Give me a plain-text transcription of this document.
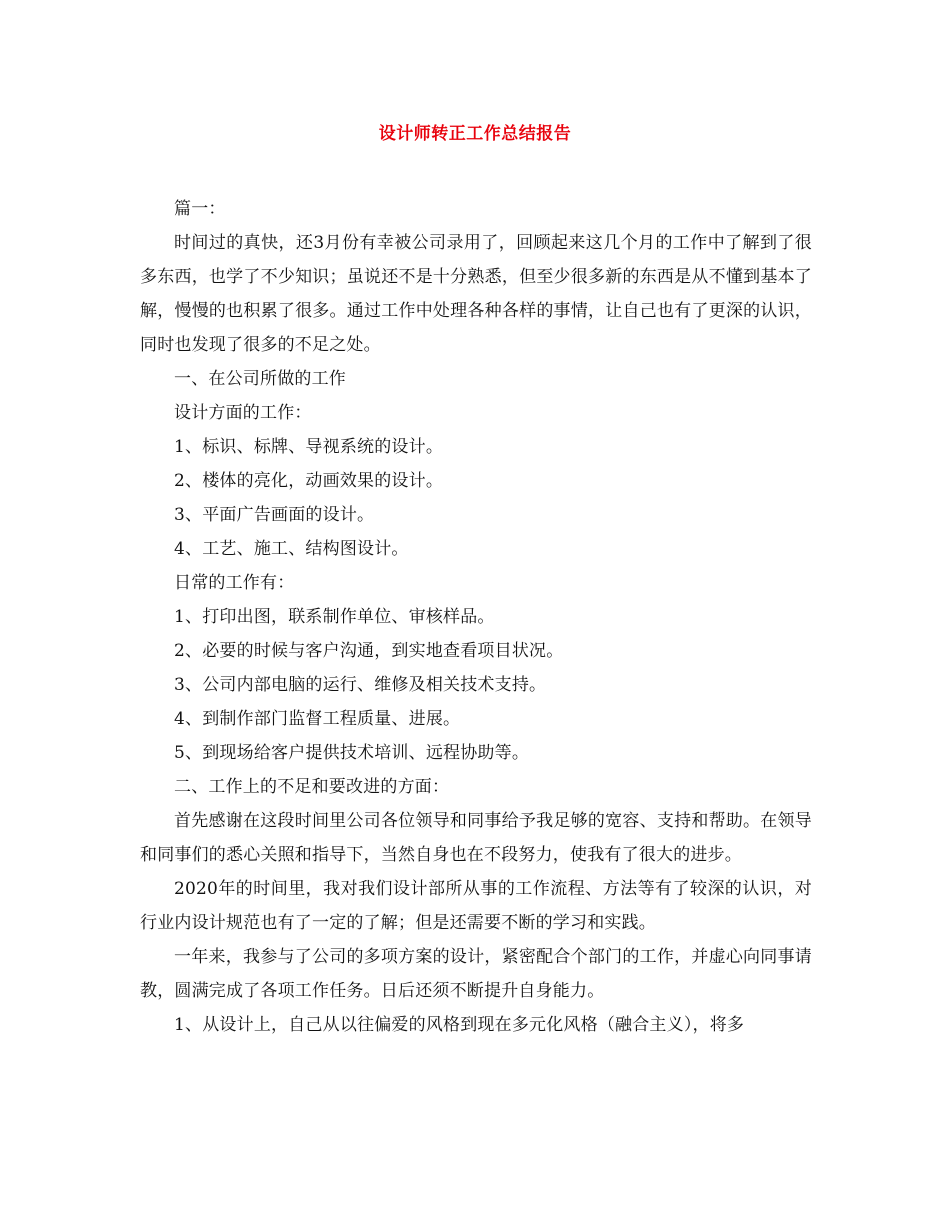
设计师转正工作总结报告

篇一：

时间过的真快，还3月份有幸被公司录用了，回顾起来这几个月的工作中了解到了很多东西，也学了不少知识；虽说还不是十分熟悉，但至少很多新的东西是从不懂到基本了解，慢慢的也积累了很多。通过工作中处理各种各样的事情，让自己也有了更深的认识，同时也发现了很多的不足之处。

一、在公司所做的工作

设计方面的工作：

1、标识、标牌、导视系统的设计。

2、楼体的亮化，动画效果的设计。

3、平面广告画面的设计。

4、工艺、施工、结构图设计。

日常的工作有：

1、打印出图，联系制作单位、审核样品。

2、必要的时候与客户沟通，到实地查看项目状况。

3、公司内部电脑的运行、维修及相关技术支持。

4、到制作部门监督工程质量、进展。

5、到现场给客户提供技术培训、远程协助等。

二、工作上的不足和要改进的方面：

首先感谢在这段时间里公司各位领导和同事给予我足够的宽容、支持和帮助。在领导和同事们的悉心关照和指导下，当然自身也在不段努力，使我有了很大的进步。

2020年的时间里，我对我们设计部所从事的工作流程、方法等有了较深的认识，对行业内设计规范也有了一定的了解；但是还需要不断的学习和实践。

一年来，我参与了公司的多项方案的设计，紧密配合个部门的工作，并虚心向同事请教，圆满完成了各项工作任务。日后还须不断提升自身能力。

1、从设计上，自己从以往偏爱的风格到现在多元化风格（融合主义），将多
